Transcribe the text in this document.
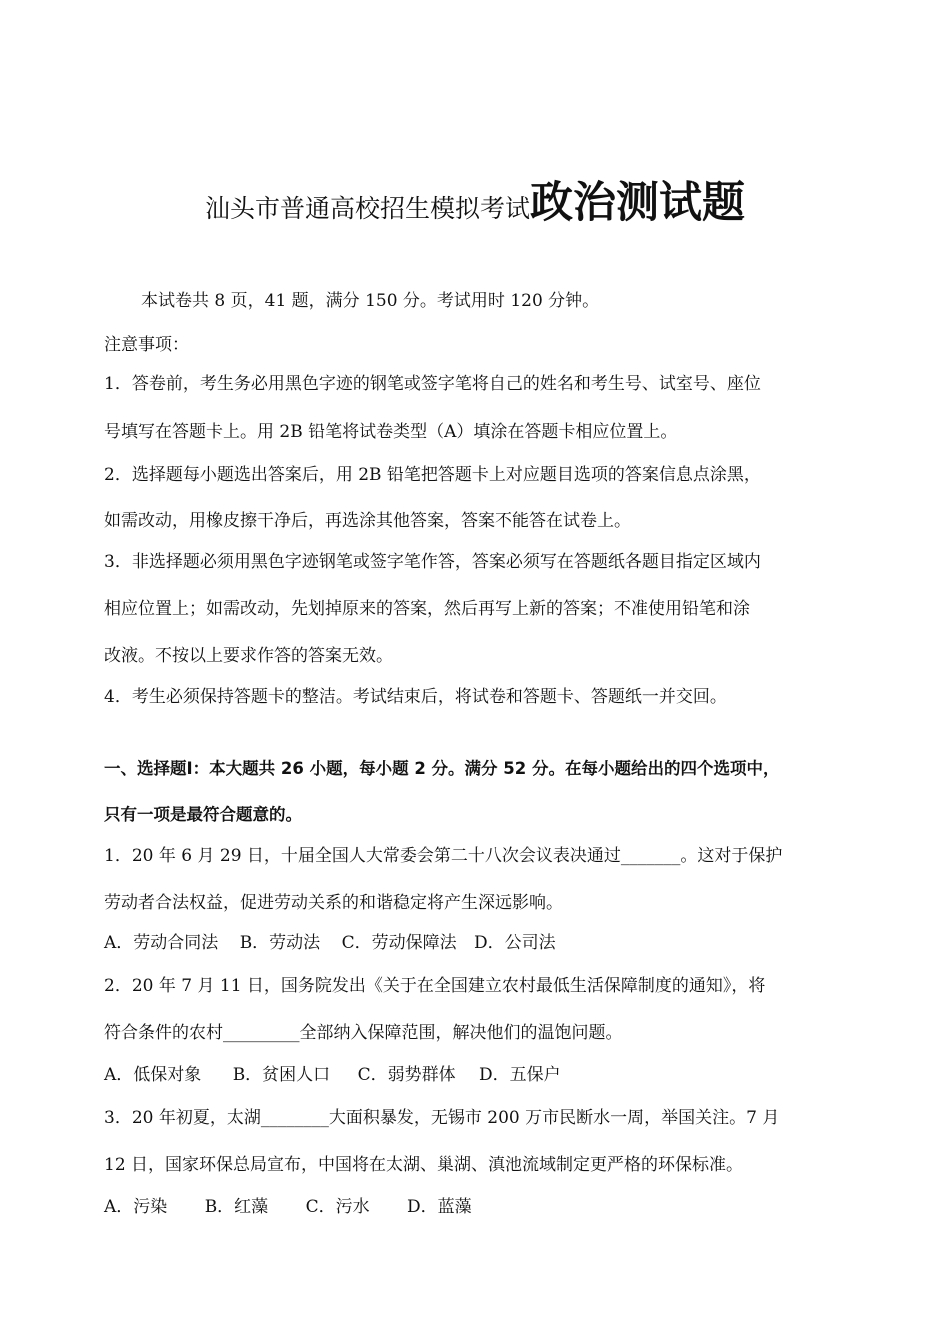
汕头市普通高校招生模拟考试政治测试题
本试卷共 8 页，41 题，满分 150 分。考试用时 120 分钟。
注意事项：
1．答卷前，考生务必用黑色字迹的钢笔或签字笔将自己的姓名和考生号、试室号、座位
号填写在答题卡上。用 2B 铅笔将试卷类型（A）填涂在答题卡相应位置上。
2．选择题每小题选出答案后，用 2B 铅笔把答题卡上对应题目选项的答案信息点涂黑，
如需改动，用橡皮擦干净后，再选涂其他答案，答案不能答在试卷上。
3．非选择题必须用黑色字迹钢笔或签字笔作答，答案必须写在答题纸各题目指定区域内
相应位置上；如需改动，先划掉原来的答案，然后再写上新的答案；不准使用铅笔和涂
改液。不按以上要求作答的答案无效。
4．考生必须保持答题卡的整洁。考试结束后，将试卷和答题卡、答题纸一并交回。
一、选择题Ⅰ：本大题共 26 小题，每小题 2 分。满分 52 分。在每小题给出的四个选项中，
只有一项是最符合题意的。
1．20 年 6 月 29 日，十届全国人大常委会第二十八次会议表决通过_______。这对于保护
劳动者合法权益，促进劳动关系的和谐稳定将产生深远影响。
A．劳动合同法 B．劳动法 C．劳动保障法 D．公司法
2．20 年 7 月 11 日，国务院发出《关于在全国建立农村最低生活保障制度的通知》，将
符合条件的农村_________全部纳入保障范围，解决他们的温饱问题。
A．低保对象 B．贫困人口 C．弱势群体 D．五保户
3．20 年初夏，太湖________大面积暴发，无锡市 200 万市民断水一周，举国关注。7 月
12 日，国家环保总局宣布，中国将在太湖、巢湖、滇池流域制定更严格的环保标准。
A．污染 B．红藻 C．污水 D．蓝藻
